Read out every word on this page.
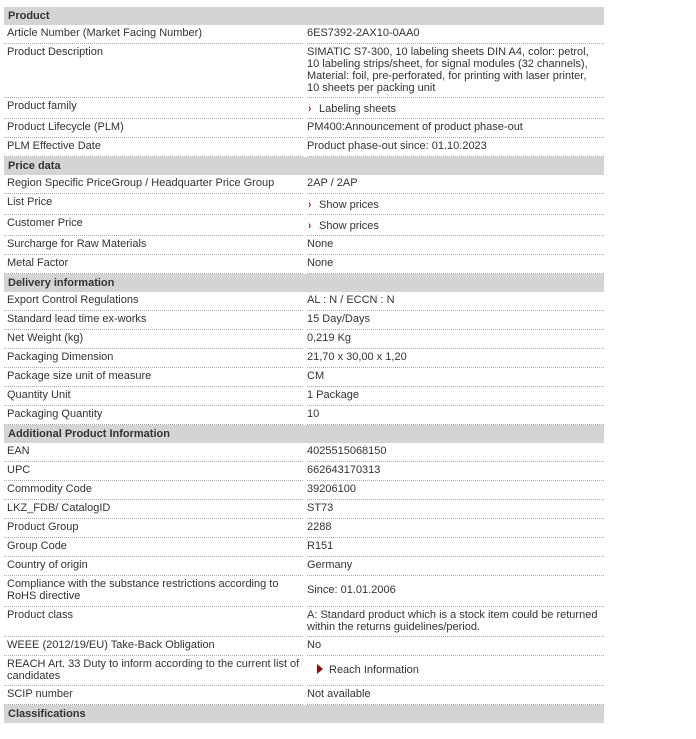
Product
Article Number (Market Facing Number)	6ES7392-2AX10-0AA0
Product Description	SIMATIC S7-300, 10 labeling sheets DIN A4, color: petrol,
10 labeling strips/sheet, for signal modules (32 channels),
Material: foil, pre-perforated, for printing with laser printer,
10 sheets per packing unit
Product family	› Labeling sheets
Product Lifecycle (PLM)	PM400:Announcement of product phase-out
PLM Effective Date	Product phase-out since: 01.10.2023
Price data
Region Specific PriceGroup / Headquarter Price Group	2AP / 2AP
List Price	› Show prices
Customer Price	› Show prices
Surcharge for Raw Materials	None
Metal Factor	None
Delivery information
Export Control Regulations	AL : N / ECCN : N
Standard lead time ex-works	15 Day/Days
Net Weight (kg)	0,219 Kg
Packaging Dimension	21,70 x 30,00 x 1,20
Package size unit of measure	CM
Quantity Unit	1 Package
Packaging Quantity	10
Additional Product Information
EAN	4025515068150
UPC	662643170313
Commodity Code	39206100
LKZ_FDB/ CatalogID	ST73
Product Group	2288
Group Code	R151
Country of origin	Germany
Compliance with the substance restrictions according to
RoHS directive	Since: 01.01.2006
Product class	A: Standard product which is a stock item could be returned
within the returns guidelines/period.
WEEE (2012/19/EU) Take-Back Obligation	No
REACH Art. 33 Duty to inform according to the current list of
candidates	Reach Information
SCIP number	Not available
Classifications
